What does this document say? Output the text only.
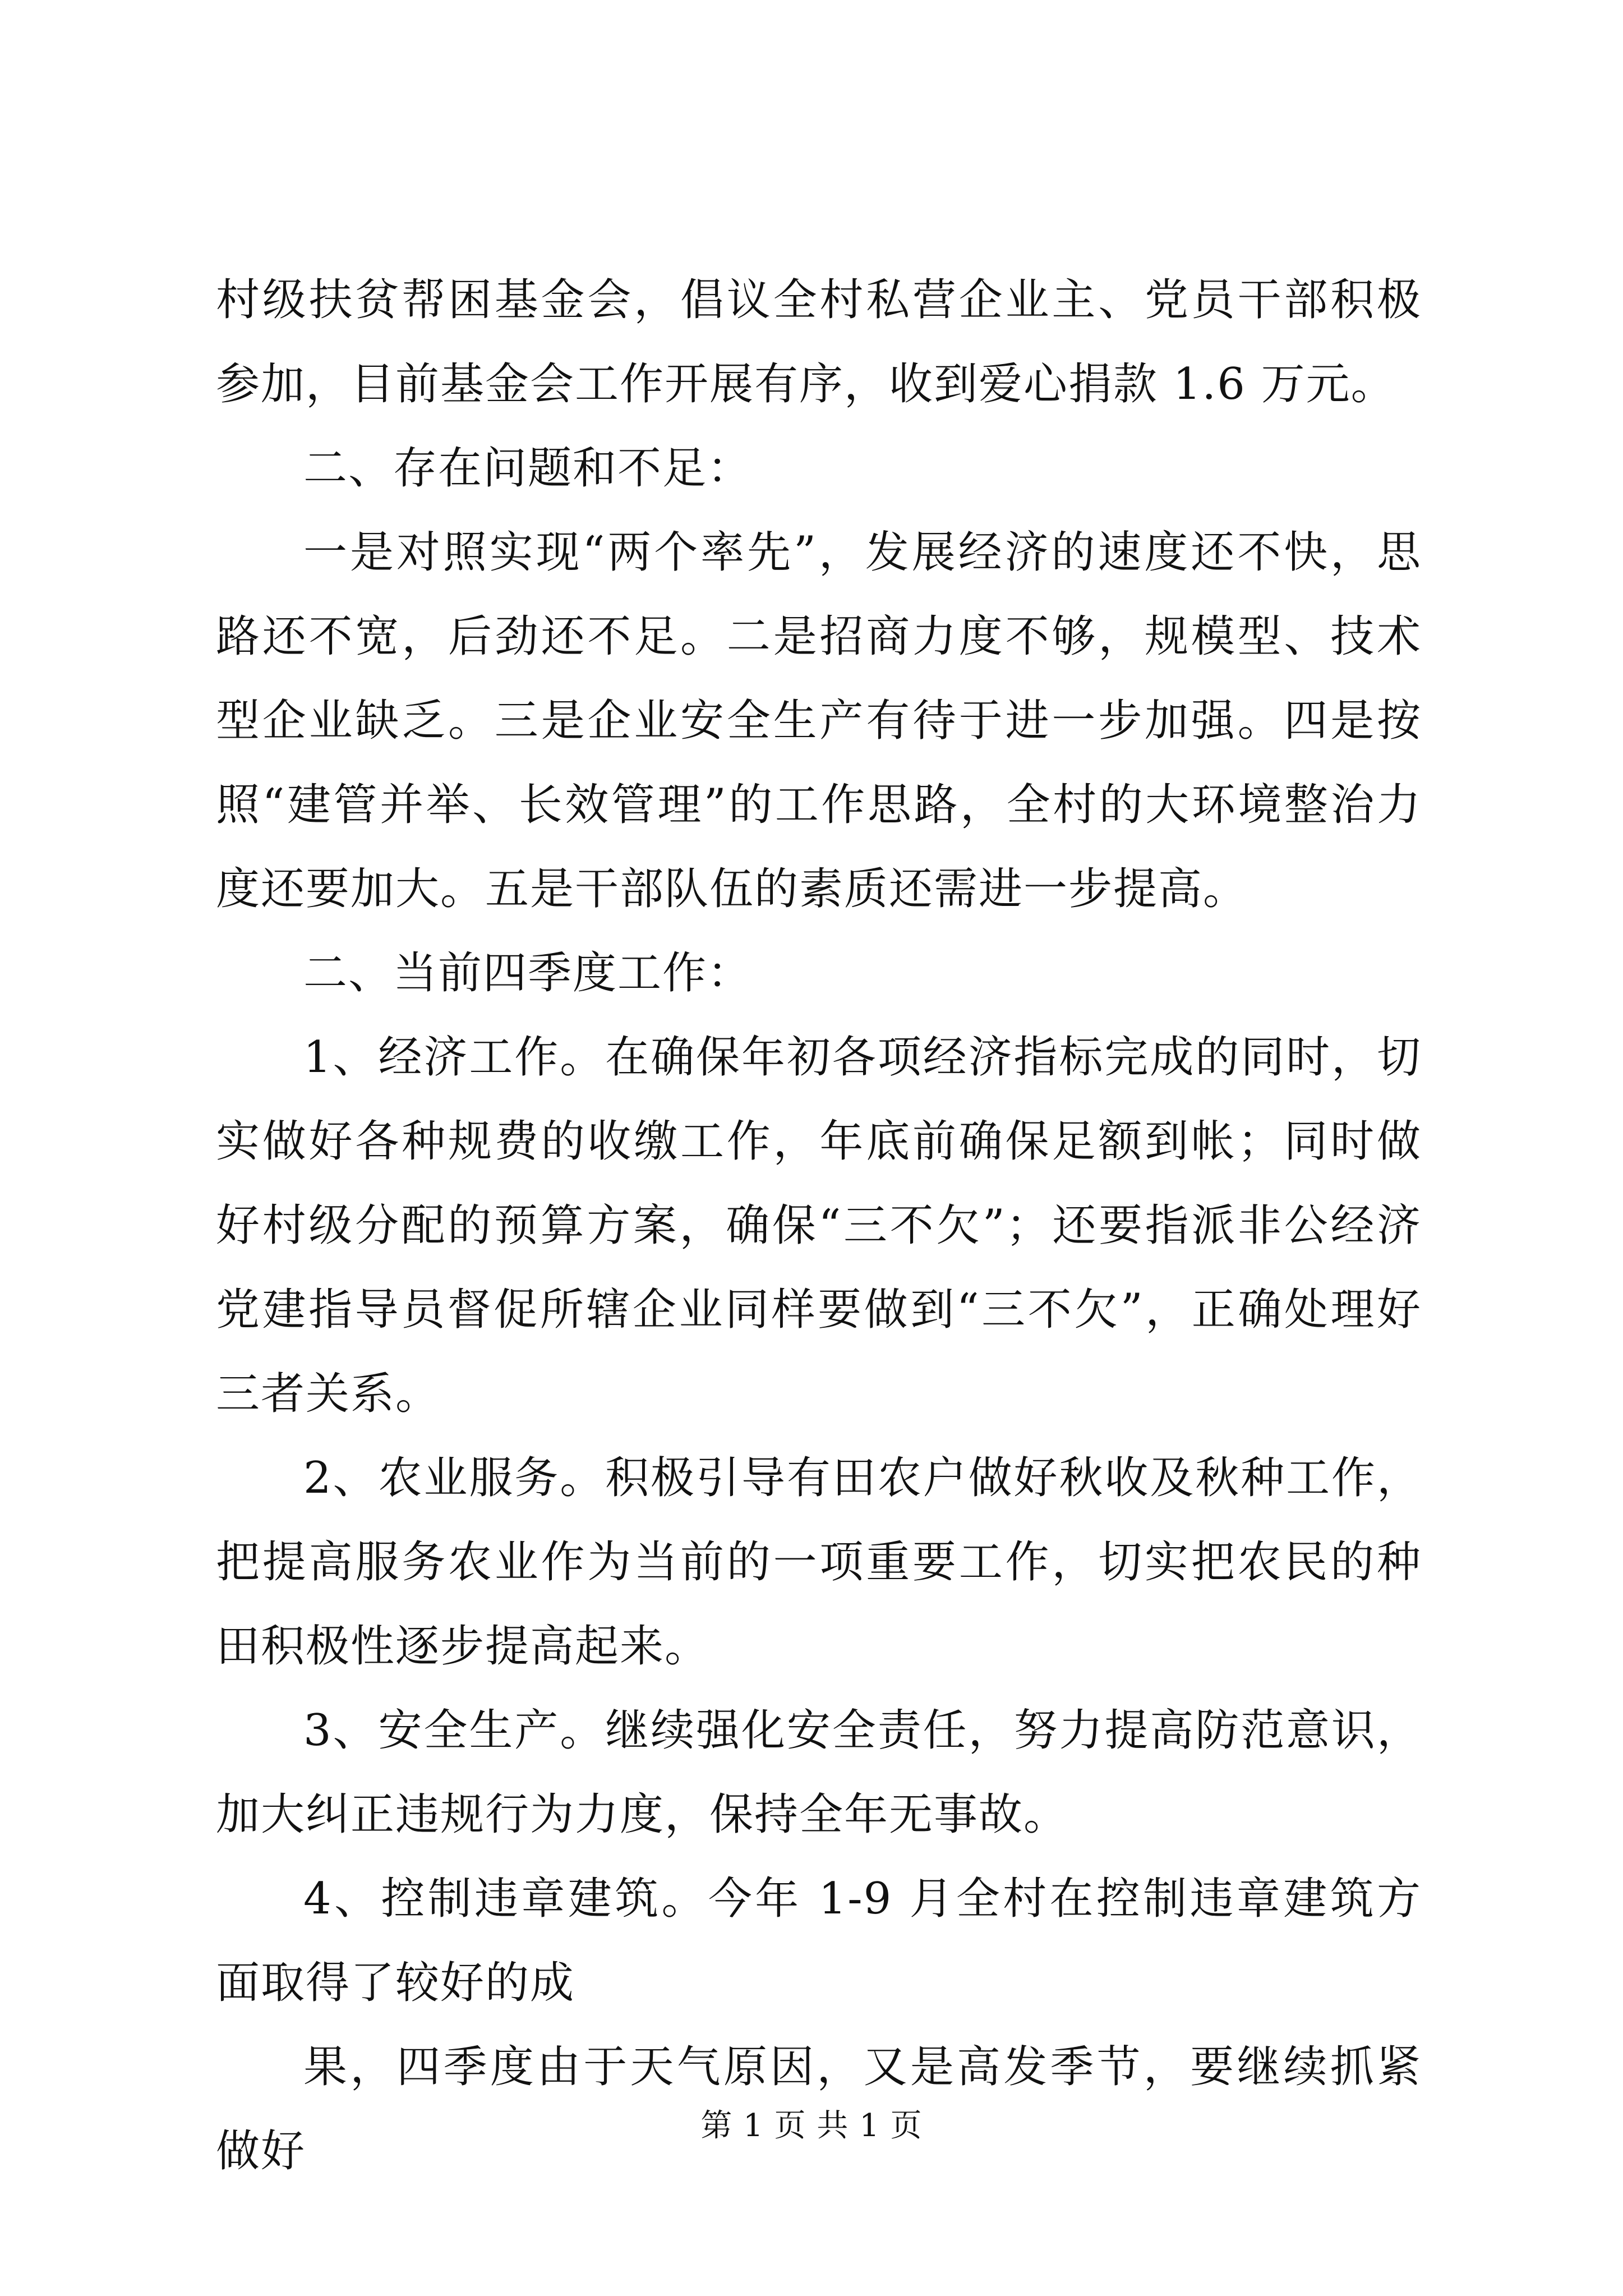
村级扶贫帮困基金会，倡议全村私营企业主、党员干部积极参加，目前基金会工作开展有序，收到爱心捐款 1.6 万元。

二、存在问题和不足：

一是对照实现“两个率先”，发展经济的速度还不快，思路还不宽，后劲还不足。二是招商力度不够，规模型、技术型企业缺乏。三是企业安全生产有待于进一步加强。四是按照“建管并举、长效管理”的工作思路，全村的大环境整治力度还要加大。五是干部队伍的素质还需进一步提高。

二、当前四季度工作：

1、经济工作。在确保年初各项经济指标完成的同时，切实做好各种规费的收缴工作，年底前确保足额到帐；同时做好村级分配的预算方案，确保“三不欠”；还要指派非公经济党建指导员督促所辖企业同样要做到“三不欠”，正确处理好三者关系。

2、农业服务。积极引导有田农户做好秋收及秋种工作，把提高服务农业作为当前的一项重要工作，切实把农民的种田积极性逐步提高起来。

3、安全生产。继续强化安全责任，努力提高防范意识，加大纠正违规行为力度，保持全年无事故。

4、控制违章建筑。今年 1-9 月全村在控制违章建筑方面取得了较好的成

果，四季度由于天气原因，又是高发季节，要继续抓紧做好

第 1 页 共 1 页
